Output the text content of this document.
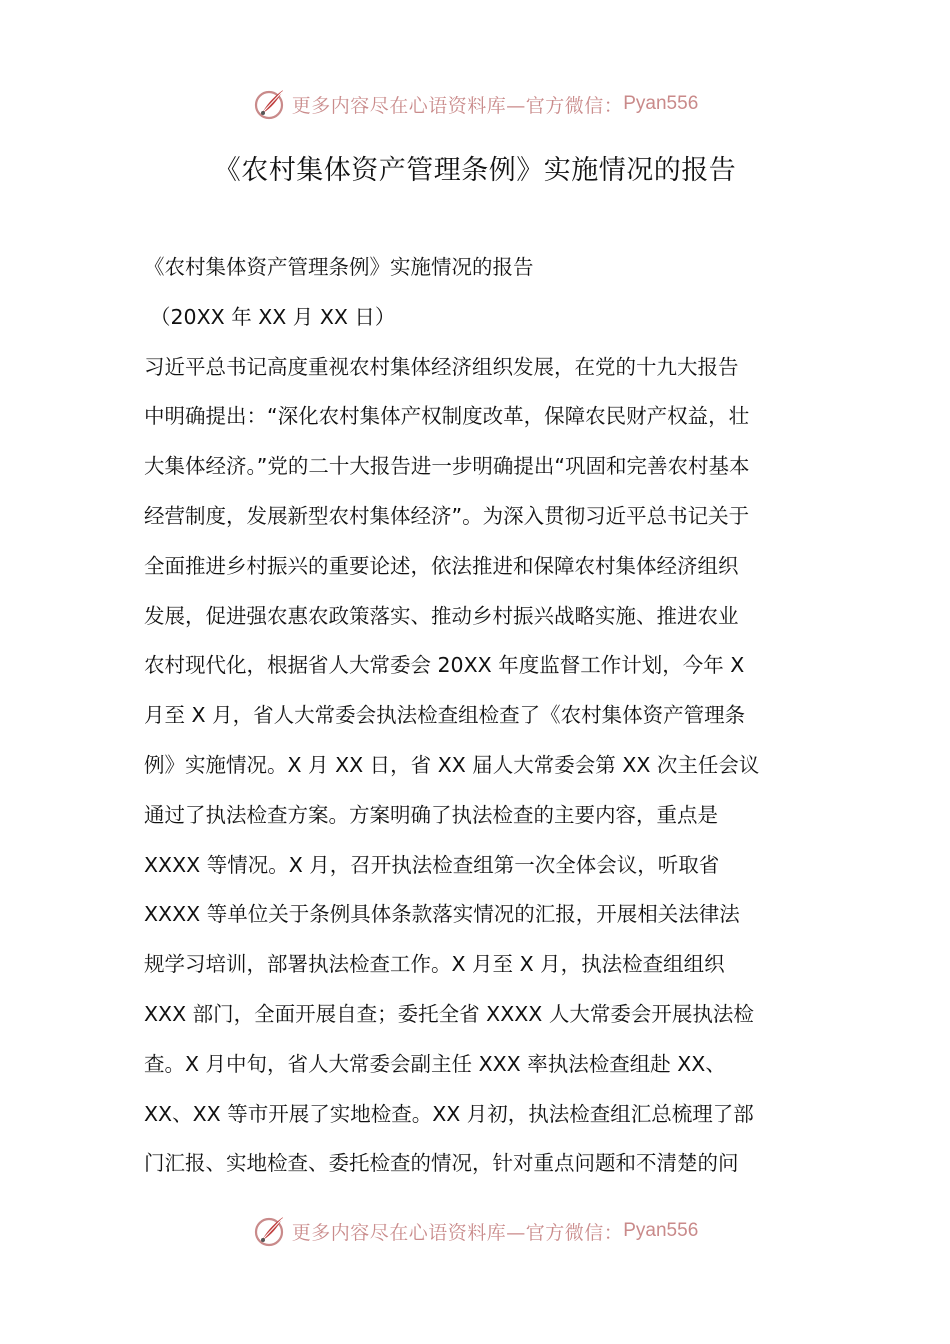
更多内容尽在心语资料库—官方微信： Pyan556
《农村集体资产管理条例》实施情况的报告
《农村集体资产管理条例》实施情况的报告
（20XX 年 XX 月 XX 日）
习近平总书记高度重视农村集体经济组织发展，在党的十九大报告
中明确提出：“深化农村集体产权制度改革，保障农民财产权益，壮
大集体经济。”党的二十大报告进一步明确提出“巩固和完善农村基本
经营制度，发展新型农村集体经济”。为深入贯彻习近平总书记关于
全面推进乡村振兴的重要论述，依法推进和保障农村集体经济组织
发展，促进强农惠农政策落实、推动乡村振兴战略实施、推进农业
农村现代化，根据省人大常委会 20XX 年度监督工作计划，今年 X
月至 X 月，省人大常委会执法检查组检查了《农村集体资产管理条
例》实施情况。X 月 XX 日，省 XX 届人大常委会第 XX 次主任会议
通过了执法检查方案。方案明确了执法检查的主要内容，重点是
XXXX 等情况。X 月，召开执法检查组第一次全体会议，听取省
XXXX 等单位关于条例具体条款落实情况的汇报，开展相关法律法
规学习培训，部署执法检查工作。X 月至 X 月，执法检查组组织
XXX 部门，全面开展自查；委托全省 XXXX 人大常委会开展执法检
查。X 月中旬，省人大常委会副主任 XXX 率执法检查组赴 XX、
XX、XX 等市开展了实地检查。XX 月初，执法检查组汇总梳理了部
门汇报、实地检查、委托检查的情况，针对重点问题和不清楚的问
更多内容尽在心语资料库—官方微信： Pyan556
